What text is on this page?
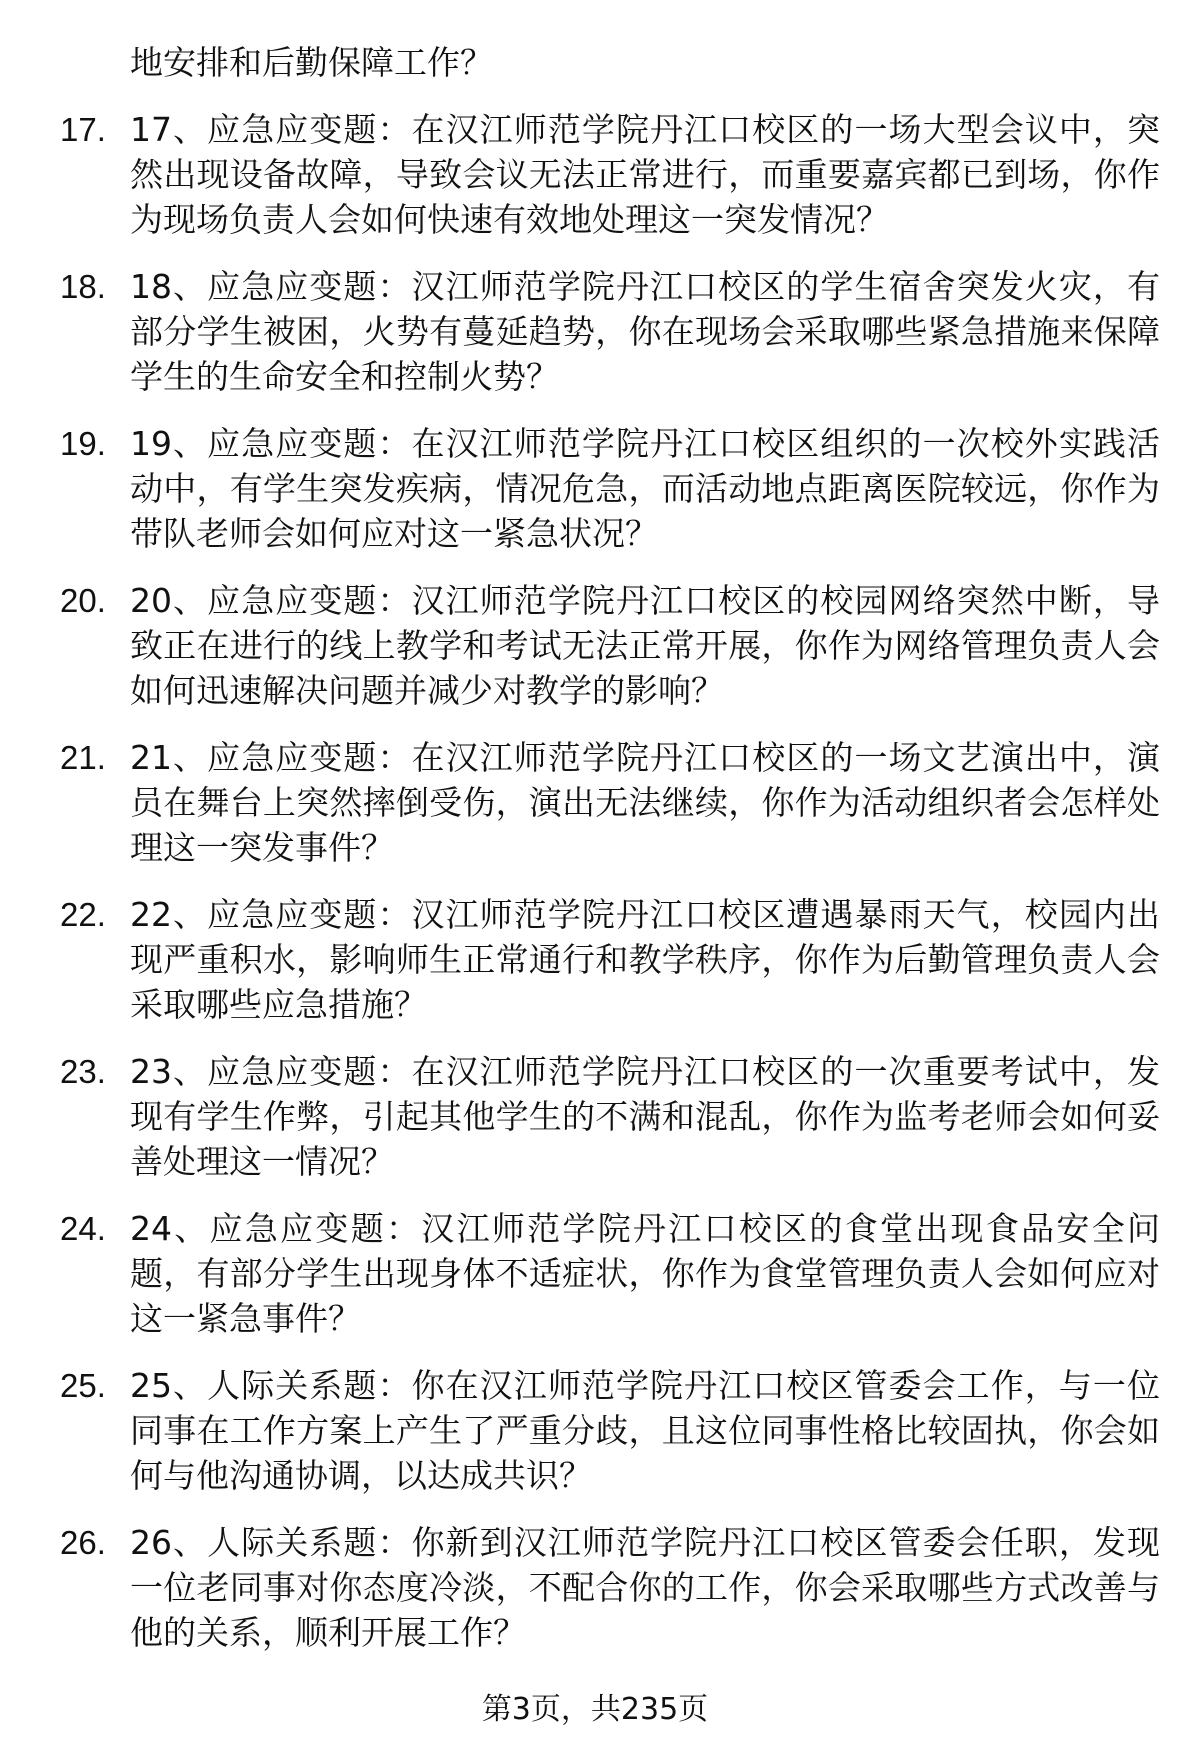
地安排和后勤保障工作？

17. 17、应急应变题：在汉江师范学院丹江口校区的一场大型会议中，突然出现设备故障，导致会议无法正常进行，而重要嘉宾都已到场，你作为现场负责人会如何快速有效地处理这一突发情况？
18. 18、应急应变题：汉江师范学院丹江口校区的学生宿舍突发火灾，有部分学生被困，火势有蔓延趋势，你在现场会采取哪些紧急措施来保障学生的生命安全和控制火势？
19. 19、应急应变题：在汉江师范学院丹江口校区组织的一次校外实践活动中，有学生突发疾病，情况危急，而活动地点距离医院较远，你作为带队老师会如何应对这一紧急状况？
20. 20、应急应变题：汉江师范学院丹江口校区的校园网络突然中断，导致正在进行的线上教学和考试无法正常开展，你作为网络管理负责人会如何迅速解决问题并减少对教学的影响？
21. 21、应急应变题：在汉江师范学院丹江口校区的一场文艺演出中，演员在舞台上突然摔倒受伤，演出无法继续，你作为活动组织者会怎样处理这一突发事件？
22. 22、应急应变题：汉江师范学院丹江口校区遭遇暴雨天气，校园内出现严重积水，影响师生正常通行和教学秩序，你作为后勤管理负责人会采取哪些应急措施？
23. 23、应急应变题：在汉江师范学院丹江口校区的一次重要考试中，发现有学生作弊，引起其他学生的不满和混乱，你作为监考老师会如何妥善处理这一情况？
24. 24、应急应变题：汉江师范学院丹江口校区的食堂出现食品安全问题，有部分学生出现身体不适症状，你作为食堂管理负责人会如何应对这一紧急事件？
25. 25、人际关系题：你在汉江师范学院丹江口校区管委会工作，与一位同事在工作方案上产生了严重分歧，且这位同事性格比较固执，你会如何与他沟通协调，以达成共识？
26. 26、人际关系题：你新到汉江师范学院丹江口校区管委会任职，发现一位老同事对你态度冷淡，不配合你的工作，你会采取哪些方式改善与他的关系，顺利开展工作？
第3页，共235页
